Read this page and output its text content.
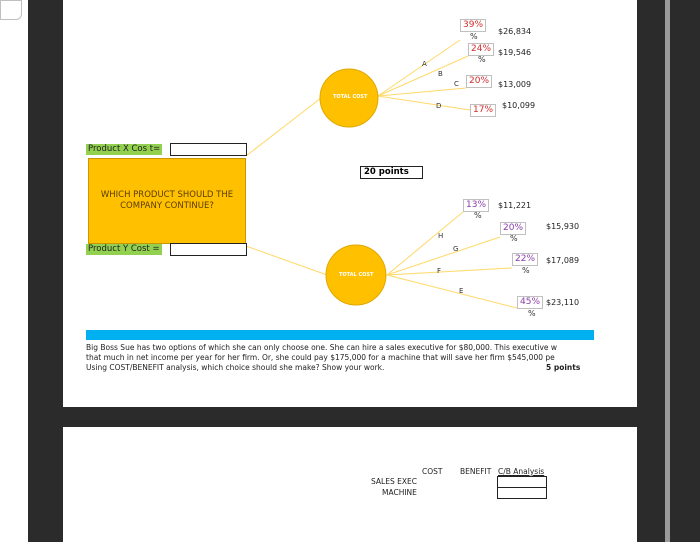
TOTAL COST
TOTAL COST
A
B
C
D
39%
%
24%
%
20%
17%
$26,834
$19,546
$13,009
$10,099
Product X Cos t=
WHICH PRODUCT SHOULD THE COMPANY CONTINUE?
Product Y Cost =
20 points
H
G
F
E
13%
%
20%
%
22%
%
45%
%
$11,221
$15,930
$17,089
$23,110
Big Boss Sue has two options of which she can only choose one. She can hire a sales executive for $80,000. This executive w
that much in net income per year for her firm. Or, she could pay $175,000 for a machine that will save her firm $545,000 pe
Using COST/BENEFIT analysis, which choice should she make? Show your work.	5 points
COST BENEFIT C/B Analysis
SALES EXEC
MACHINE
